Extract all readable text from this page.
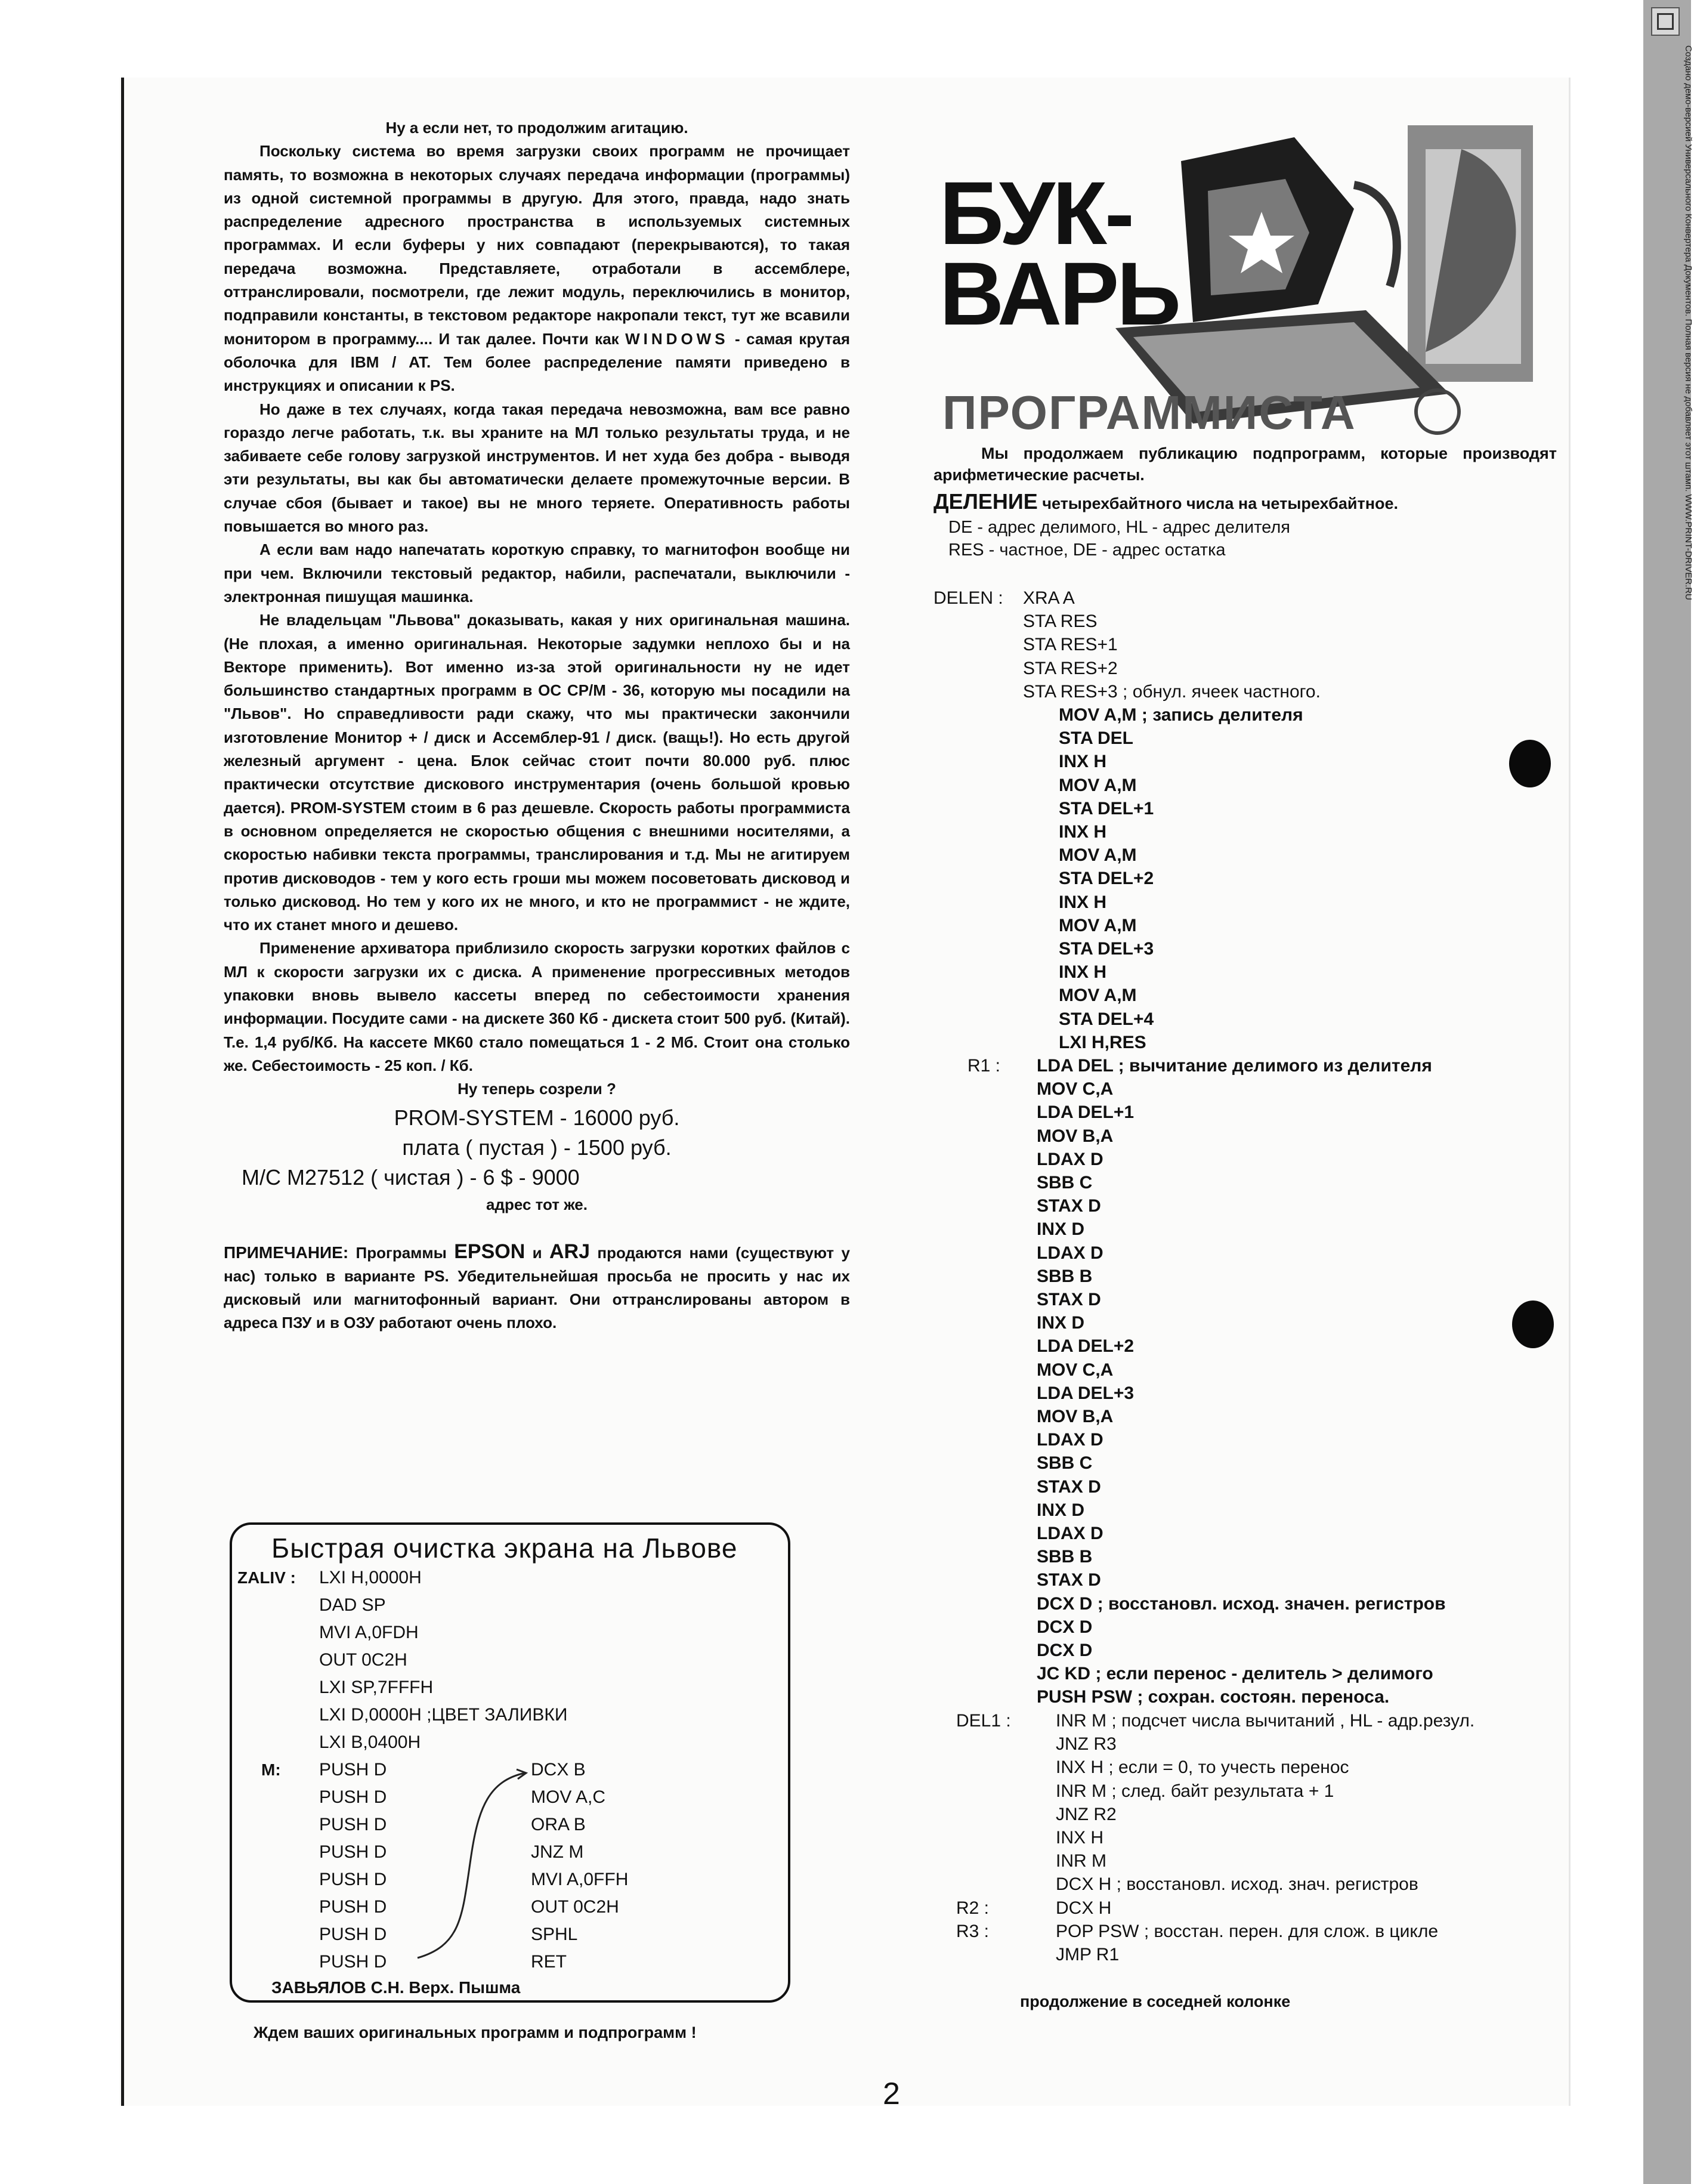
Создано демо-версией Универсального Конвертера Документов. Полная версия не добавляет этот штамп. WWW.PRINT-DRIVER.RU

Ну а если нет, то продолжим агитацию.

Поскольку система во время загрузки своих программ не прочищает память, то возможна в некоторых случаях передача информации (программы) из одной системной программы в другую. Для этого, правда, надо знать распределение адресного пространства в используемых системных программах. И если буферы у них совпадают (перекрываются), то такая передача возможна. Представляете, отработали в ассемблере, оттранслировали, посмотрели, где лежит модуль, переключились в монитор, подправили константы, в текстовом редакторе накропали текст, тут же всавили монитором в программу.... И так далее. Почти как WINDOWS - самая крутая оболочка для IBM / AT. Тем более распределение памяти приведено в инструкциях и описании к PS.

Но даже в тех случаях, когда такая передача невозможна, вам все равно гораздо легче работать, т.к. вы храните на МЛ только результаты труда, и не забиваете себе голову загрузкой инструментов. И нет худа без добра - выводя эти результаты, вы как бы автоматически делаете промежуточные версии. В случае сбоя (бывает и такое) вы не много теряете. Оперативность работы повышается во много раз.

А если вам надо напечатать короткую справку, то магнитофон вообще ни при чем. Включили текстовый редактор, набили, распечатали, выключили - электронная пишущая машинка.

Не владельцам "Львова" доказывать, какая у них оригинальная машина. (Не плохая, а именно оригинальная. Некоторые задумки неплохо бы и на Векторе применить). Вот именно из-за этой оригинальности ну не идет большинство стандартных программ в ОС CP/M - 36, которую мы посадили на "Львов". Но справедливости ради скажу, что мы практически закончили изготовление Монитор + / диск и Ассемблер-91 / диск. (ващь!). Но есть другой железный аргумент - цена. Блок сейчас стоит почти 80.000 руб. плюс практически отсутствие дискового инструментария (очень большой кровью дается). PROM-SYSTEM стоим в 6 раз дешевле. Скорость работы программиста в основном определяется не скоростью общения с внешними носителями, а скоростью набивки текста программы, транслирования и т.д. Мы не агитируем против дисководов - тем у кого есть гроши мы можем посоветовать дисковод и только дисковод. Но тем у кого их не много, и кто не программист - не ждите, что их станет много и дешево.

Применение архиватора приблизило скорость загрузки коротких файлов с МЛ к скорости загрузки их с диска. А применение прогрессивных методов упаковки вновь вывело кассеты вперед по себестоимости хранения информации. Посудите сами - на дискете 360 Кб - дискета стоит 500 руб. (Китай). Т.е. 1,4 руб/Кб. На кассете МК60 стало помещаться 1 - 2 Мб. Стоит она столько же. Себестоимость - 25 коп. / Кб.

Ну теперь созрели ?

PROM-SYSTEM - 16000 руб.
плата ( пустая ) - 1500 руб.
M/C M27512 ( чистая ) - 6 $ - 9000
адрес тот же.
ПРИМЕЧАНИЕ: Программы EPSON и ARJ продаются нами (существуют у нас) только в варианте PS. Убедительнейшая просьба не просить у нас их дисковый или магнитофонный вариант. Они оттранслированы автором в адреса ПЗУ и в ОЗУ работают очень плохо.
Быстрая очистка экрана на Львове
ZALIV :
M:
LXI H,0000H
DAD SP
MVI A,0FDH
OUT 0C2H
LXI SP,7FFFH
LXI D,0000H ;ЦВЕТ ЗАЛИВКИ
LXI B,0400H
PUSH D
PUSH D
PUSH D
PUSH D
PUSH D
PUSH D
PUSH D
PUSH D
DCX B
MOV A,C
ORA B
JNZ M
MVI A,0FFH
OUT 0C2H
SPHL
RET
ЗАВЬЯЛОВ С.Н. Верх. Пышма
Ждем ваших оригинальных программ и подпрограмм !
2
БУК-
ВАРЬ
ПРОГРАММИСТА
Мы продолжаем публикацию подпрограмм, которые производят арифметические расчеты.
ДЕЛЕНИЕ четырехбайтного числа на четырехбайтное.
DE - адрес делимого, HL - адрес делителя
RES - частное, DE - адрес остатка
DELEN :
R1 :
DEL1 :
R2 :
R3 :
XRA A
STA RES
STA RES+1
STA RES+2
STA RES+3 ; обнул. ячеек частного.
MOV A,M ; запись делителя
STA DEL
INX H
MOV A,M
STA DEL+1
INX H
MOV A,M
STA DEL+2
INX H
MOV A,M
STA DEL+3
INX H
MOV A,M
STA DEL+4
LXI H,RES
LDA DEL ; вычитание делимого из делителя
MOV C,A
LDA DEL+1
MOV B,A
LDAX D
SBB C
STAX D
INX D
LDAX D
SBB B
STAX D
INX D
LDA DEL+2
MOV C,A
LDA DEL+3
MOV B,A
LDAX D
SBB C
STAX D
INX D
LDAX D
SBB B
STAX D
DCX D ; восстановл. исход. значен. регистров
DCX D
DCX D
JC KD ; если перенос - делитель > делимого
PUSH PSW ; сохран. состоян. переноса.
INR M ; подсчет числа вычитаний , HL - адр.резул.
JNZ R3
INX H ; если = 0, то учесть перенос
INR M ; след. байт результата + 1
JNZ R2
INX H
INR M
DCX H ; восстановл. исход. знач. регистров
DCX H
POP PSW ; восстан. перен. для слож. в цикле
JMP R1
продолжение в соседней колонке
